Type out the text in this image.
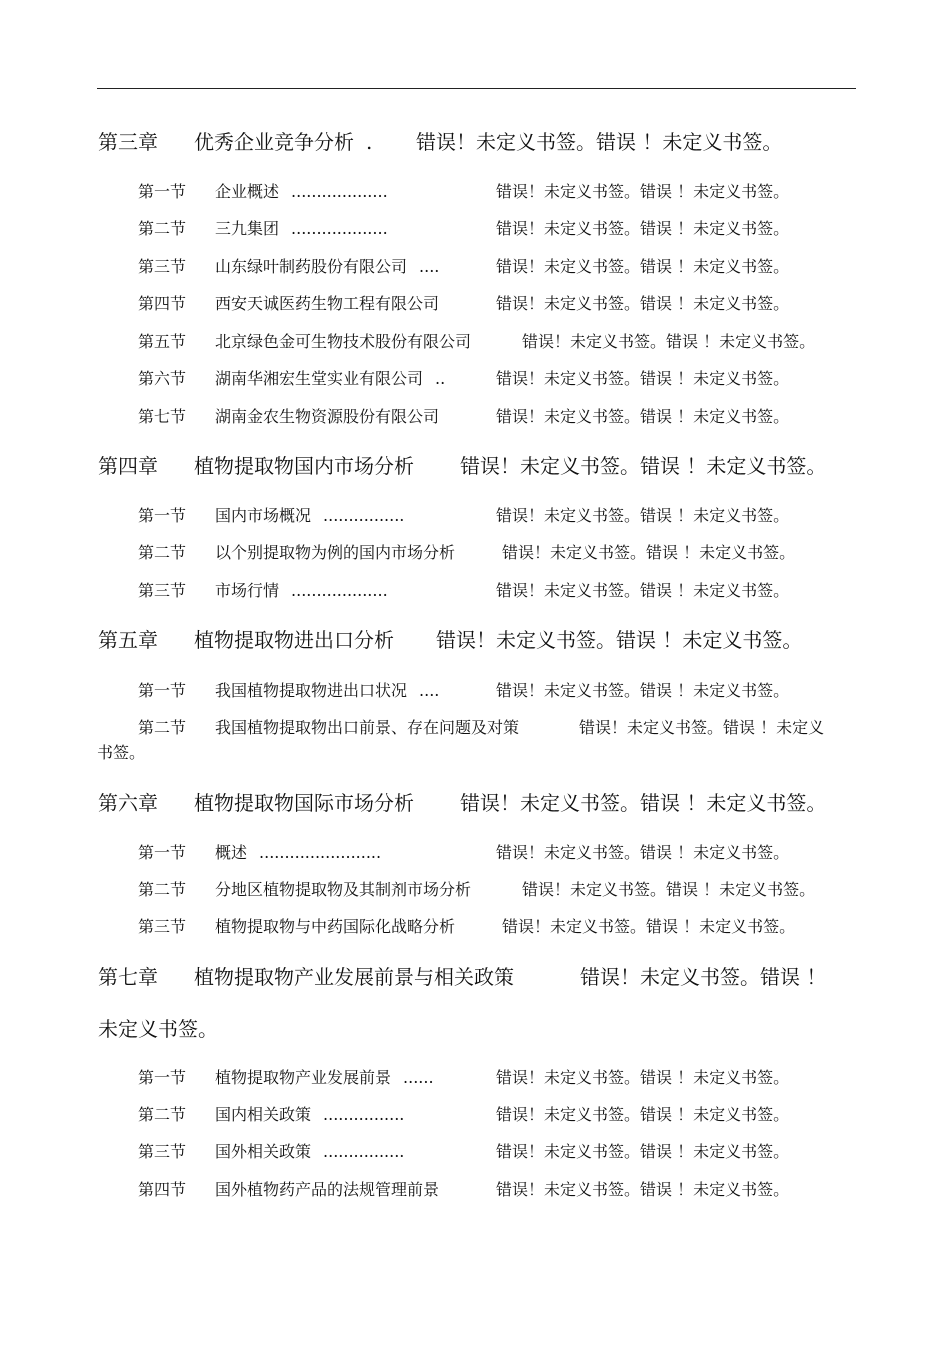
第三章 优秀企业竞争分析 . 错误！未定义书签。错误 ！未定义书签。
第一节 企业概述 ...................	错误！未定义书签。错误 ！未定义书签。
第二节 三九集团 ...................	错误！未定义书签。错误 ！未定义书签。
第三节 山东绿叶制药股份有限公司 ....	错误！未定义书签。错误 ！未定义书签。
第四节 西安天诚医药生物工程有限公司	错误！未定义书签。错误 ！未定义书签。
第五节 北京绿色金可生物技术股份有限公司	错误！未定义书签。错误 ！未定义书签。
第六节 湖南华湘宏生堂实业有限公司 ..	错误！未定义书签。错误 ！未定义书签。
第七节 湖南金农生物资源股份有限公司	错误！未定义书签。错误 ！未定义书签。
第四章 植物提取物国内市场分析 错误！未定义书签。错误 ！未定义书签。
第一节 国内市场概况 ................	错误！未定义书签。错误 ！未定义书签。
第二节 以个别提取物为例的国内市场分析	错误！未定义书签。错误 ！未定义书签。
第三节 市场行情 ...................	错误！未定义书签。错误 ！未定义书签。
第五章 植物提取物进出口分析 错误！未定义书签。错误 ！未定义书签。
第一节 我国植物提取物进出口状况 ....	错误！未定义书签。错误 ！未定义书签。
第二节 我国植物提取物出口前景、存在问题及对策	错误！未定义书签。错误 ！未定义
书签。
第六章 植物提取物国际市场分析 错误！未定义书签。错误 ！未定义书签。
第一节 概述 ........................	错误！未定义书签。错误 ！未定义书签。
第二节 分地区植物提取物及其制剂市场分析	错误！未定义书签。错误 ！未定义书签。
第三节 植物提取物与中药国际化战略分析	错误！未定义书签。错误 ！未定义书签。
第七章 植物提取物产业发展前景与相关政策	错误！未定义书签。错误 ！
未定义书签。
第一节 植物提取物产业发展前景 ......	错误！未定义书签。错误 ！未定义书签。
第二节 国内相关政策 ................	错误！未定义书签。错误 ！未定义书签。
第三节 国外相关政策 ................	错误！未定义书签。错误 ！未定义书签。
第四节 国外植物药产品的法规管理前景	错误！未定义书签。错误 ！未定义书签。
